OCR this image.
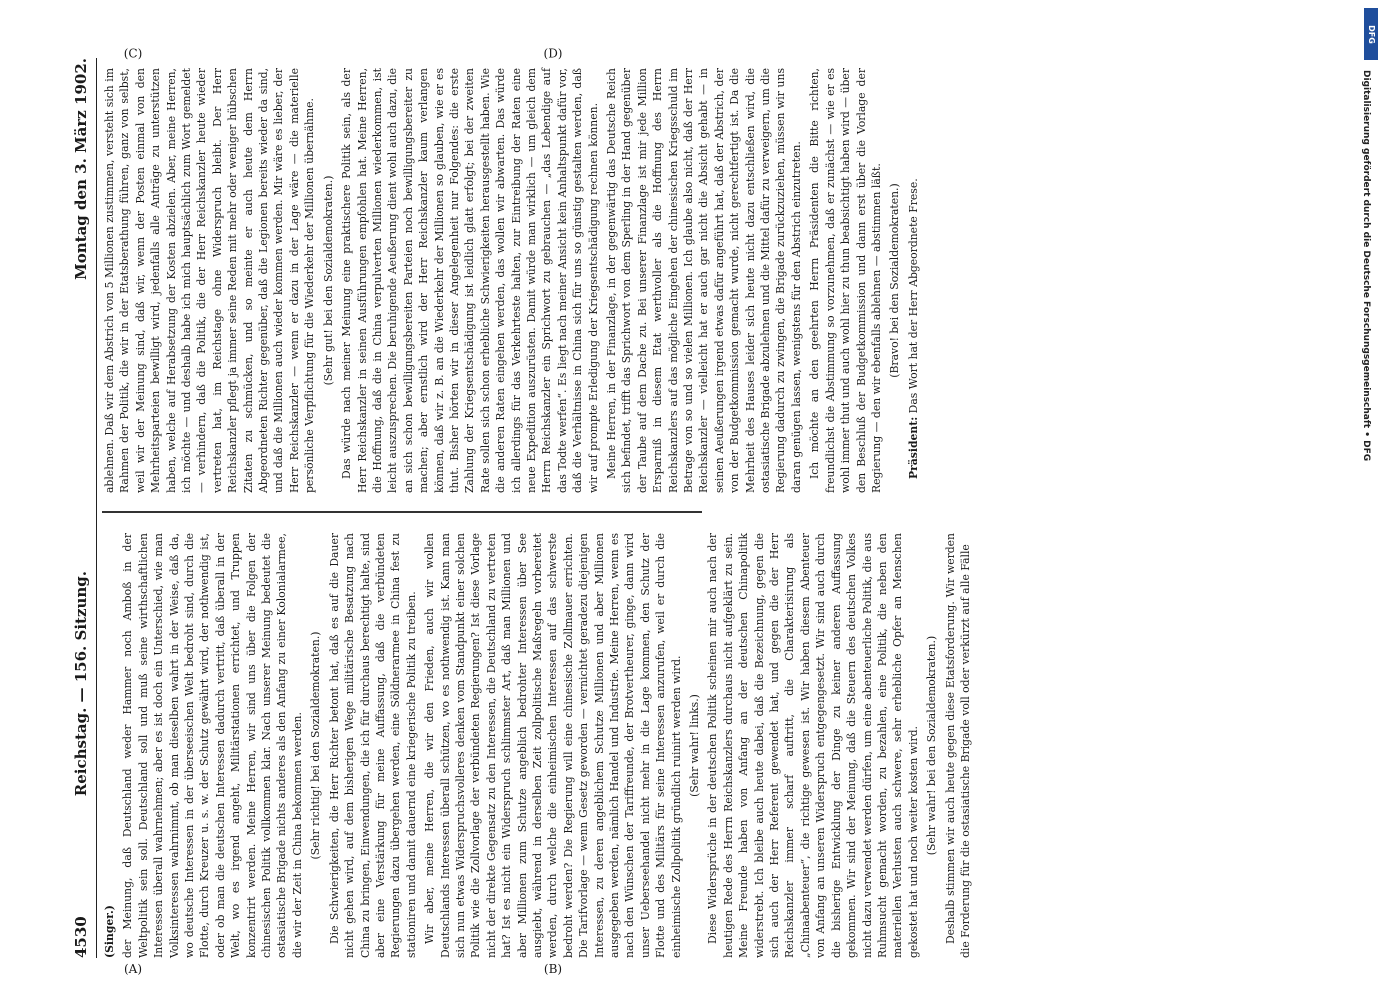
4530
Reichstag. — 156. Sitzung.
Montag den 3. März 1902.

(Singer.) der Meinung, daß Deutschland weder Hammer noch Amboß in der Weltpolitik sein soll. Deutschland soll und muß seine wirthschaftlichen Interessen überall wahrnehmen; aber es ist doch ein Unterschied, wie man Volksinteressen wahrnimmt, ob man dieselben wahrt in der Weise, daß da, wo deutsche Interessen in der überseeischen Welt bedroht sind, durch die Flotte, durch Kreuzer u. s. w. der Schutz gewährt wird, der nothwendig ist, oder ob man die deutschen Interessen dadurch vertritt, daß überall in der Welt, wo es irgend angeht, Militärstationen errichtet, und Truppen konzentrirt werden. Meine Herren, wir sind uns über die Folgen der chinesischen Politik vollkommen klar. Nach unserer Meinung bedeutet die ostasiatische Brigade nichts anderes als den Anfang zu einer Kolonialarmee, die wir der Zeit in China bekommen werden. (Sehr richtig! bei den Sozialdemokraten.) Die Schwierigkeiten, die Herr Richter betont hat, daß es auf die Dauer nicht gehen wird, auf dem bisherigen Wege militärische Besatzung nach China zu bringen, Einwendungen, die ich für durchaus berechtigt halte, sind aber eine Verstärkung für meine Auffassung, daß die verbündeten Regierungen dazu übergehen werden, eine Söldnerarmee in China fest zu stationiren und damit dauernd eine kriegerische Politik zu treiben. Wir aber, meine Herren, die wir den Frieden, auch wir wollen Deutschlands Interessen überall schützen, wo es nothwendig ist. Kann man sich nun etwas Widerspruchsvolleres denken vom Standpunkt einer solchen Politik wie die Zollvorlage der verbündeten Regierungen? Ist diese Vorlage nicht der direkte Gegensatz zu den Interessen, die Deutschland zu vertreten hat? Ist es nicht ein Widerspruch schlimmster Art, daß man Millionen und aber Millionen zum Schutze angeblich bedrohter Interessen über See ausgiebt, während in derselben Zeit zollpolitische Maßregeln vorbereitet werden, durch welche die einheimischen Interessen auf das schwerste bedroht werden? Die Regierung will eine chinesische Zollmauer errichten. Die Tarifvorlage — wenn Gesetz geworden — vernichtet geradezu diejenigen Interessen, zu deren angeblichem Schutze Millionen und aber Millionen ausgegeben werden, nämlich Handel und Industrie. Meine Herren, wenn es nach den Wünschen der Tariffreunde, der Brotvertheurer, ginge, dann wird unser Ueberseehandel nicht mehr in die Lage kommen, den Schutz der Flotte und des Militärs für seine Interessen anzurufen, weil er durch die einheimische Zollpolitik gründlich ruinirt werden wird. (Sehr wahr! links.) Diese Widersprüche in der deutschen Politik scheinen mir auch nach der heutigen Rede des Herrn Reichskanzlers durchaus nicht aufgeklärt zu sein. Meine Freunde haben von Anfang an der deutschen Chinapolitik widerstrebt. Ich bleibe auch heute dabei, daß die Bezeichnung, gegen die sich auch der Herr Referent gewendet hat, und gegen die der Herr Reichskanzler immer scharf auftritt, die Charakterisirung als „Chinaabenteuer“, die richtige gewesen ist. Wir haben diesem Abenteuer von Anfang an unseren Widerspruch entgegengesetzt. Wir sind auch durch die bisherige Entwicklung der Dinge zu keiner anderen Auffassung gekommen. Wir sind der Meinung, daß die Steuern des deutschen Volkes nicht dazu verwendet werden dürfen, um eine abenteuerliche Politik, die aus Ruhmsucht gemacht worden, zu bezahlen, eine Politik, die neben den materiellen Verlusten auch schwere, sehr erhebliche Opfer an Menschen gekostet hat und noch weiter kosten wird. (Sehr wahr! bei den Sozialdemokraten.) Deshalb stimmen wir auch heute gegen diese Etatsforderung. Wir werden die Forderung für die ostasiatische Brigade voll oder verkürzt auf alle Fälle

ablehnen. Daß wir dem Abstrich von 5 Millionen zustimmen, versteht sich im Rahmen der Politik, die wir in der Etatsberathung führen, ganz von selbst, weil wir der Meinung sind, daß wir, wenn der Posten einmal von den Mehrheitsparteien bewilligt wird, jedenfalls alle Anträge zu unterstützen haben, welche auf Herabsetzung der Kosten abzielen. Aber, meine Herren, ich möchte — und deshalb habe ich mich hauptsächlich zum Wort gemeldet — verhindern, daß die Politik, die der Herr Reichskanzler heute wieder vertreten hat, im Reichstage ohne Widerspruch bleibt. Der Herr Reichskanzler pflegt ja immer seine Reden mit mehr oder weniger hübschen Zitaten zu schmücken, und so meinte er auch heute dem Herrn Abgeordneten Richter gegenüber, daß die Legionen bereits wieder da sind, und daß die Millionen auch wieder kommen werden. Mir wäre es lieber, der Herr Reichskanzler — wenn er dazu in der Lage wäre — die materielle persönliche Verpflichtung für die Wiederkehr der Millionen übernähme. (Sehr gut! bei den Sozialdemokraten.) Das würde nach meiner Meinung eine praktischere Politik sein, als der Herr Reichskanzler in seinen Ausführungen empfohlen hat. Meine Herren, die Hoffnung, daß die in China verpulverten Millionen wiederkommen, ist leicht auszusprechen. Die beruhigende Aeußerung dient wohl auch dazu, die an sich schon bewilligungsbereiten Parteien noch bewilligungsbereiter zu machen; aber ernstlich wird der Herr Reichskanzler kaum verlangen können, daß wir z. B. an die Wiederkehr der Millionen so glauben, wie er es thut. Bisher hörten wir in dieser Angelegenheit nur Folgendes: die erste Zahlung der Kriegsentschädigung ist leidlich glatt erfolgt; bei der zweiten Rate sollen sich schon erhebliche Schwierigkeiten herausgestellt haben. Wie die anderen Raten eingehen werden, das wollen wir abwarten. Das würde ich allerdings für das Verkehrteste halten, zur Eintreibung der Raten eine neue Expedition auszurüsten. Damit würde man wirklich — um gleich dem Herrn Reichskanzler ein Sprichwort zu gebrauchen — „das Lebendige auf das Todte werfen“. Es liegt nach meiner Ansicht kein Anhaltspunkt dafür vor, daß die Verhältnisse in China sich für uns so günstig gestalten werden, daß wir auf prompte Erledigung der Kriegsentschädigung rechnen können. Meine Herren, in der Finanzlage, in der gegenwärtig das Deutsche Reich sich befindet, trifft das Sprichwort von dem Sperling in der Hand gegenüber der Taube auf dem Dache zu. Bei unserer Finanzlage ist mir jede Million Ersparniß in diesem Etat werthvoller als die Hoffnung des Herrn Reichskanzlers auf das mögliche Eingehen der chinesischen Kriegsschuld im Betrage von so und so vielen Millionen. Ich glaube also nicht, daß der Herr Reichskanzler — vielleicht hat er auch gar nicht die Absicht gehabt — in seinen Aeußerungen irgend etwas dafür angeführt hat, daß der Abstrich, der von der Budgetkommission gemacht wurde, nicht gerechtfertigt ist. Da die Mehrheit des Hauses leider sich heute nicht dazu entschließen wird, die ostasiatische Brigade abzulehnen und die Mittel dafür zu verweigern, um die Regierung dadurch zu zwingen, die Brigade zurückzuziehen, müssen wir uns daran genügen lassen, wenigstens für den Abstrich einzutreten. Ich möchte an den geehrten Herrn Präsidenten die Bitte richten, freundlichst die Abstimmung so vorzunehmen, daß er zunächst — wie er es wohl immer thut und auch wohl hier zu thun beabsichtigt haben wird — über den Beschluß der Budgetkommission und dann erst über die Vorlage der Regierung — den wir ebenfalls ablehnen — abstimmen läßt. (Bravo! bei den Sozialdemokraten.)

Präsident: Das Wort hat der Herr Abgeordnete Frese.

(A)	(B)
(C)	(D)
DFG
Digitalisierung gefördert durch die Deutsche Forschungsgemeinschaft • DFG
